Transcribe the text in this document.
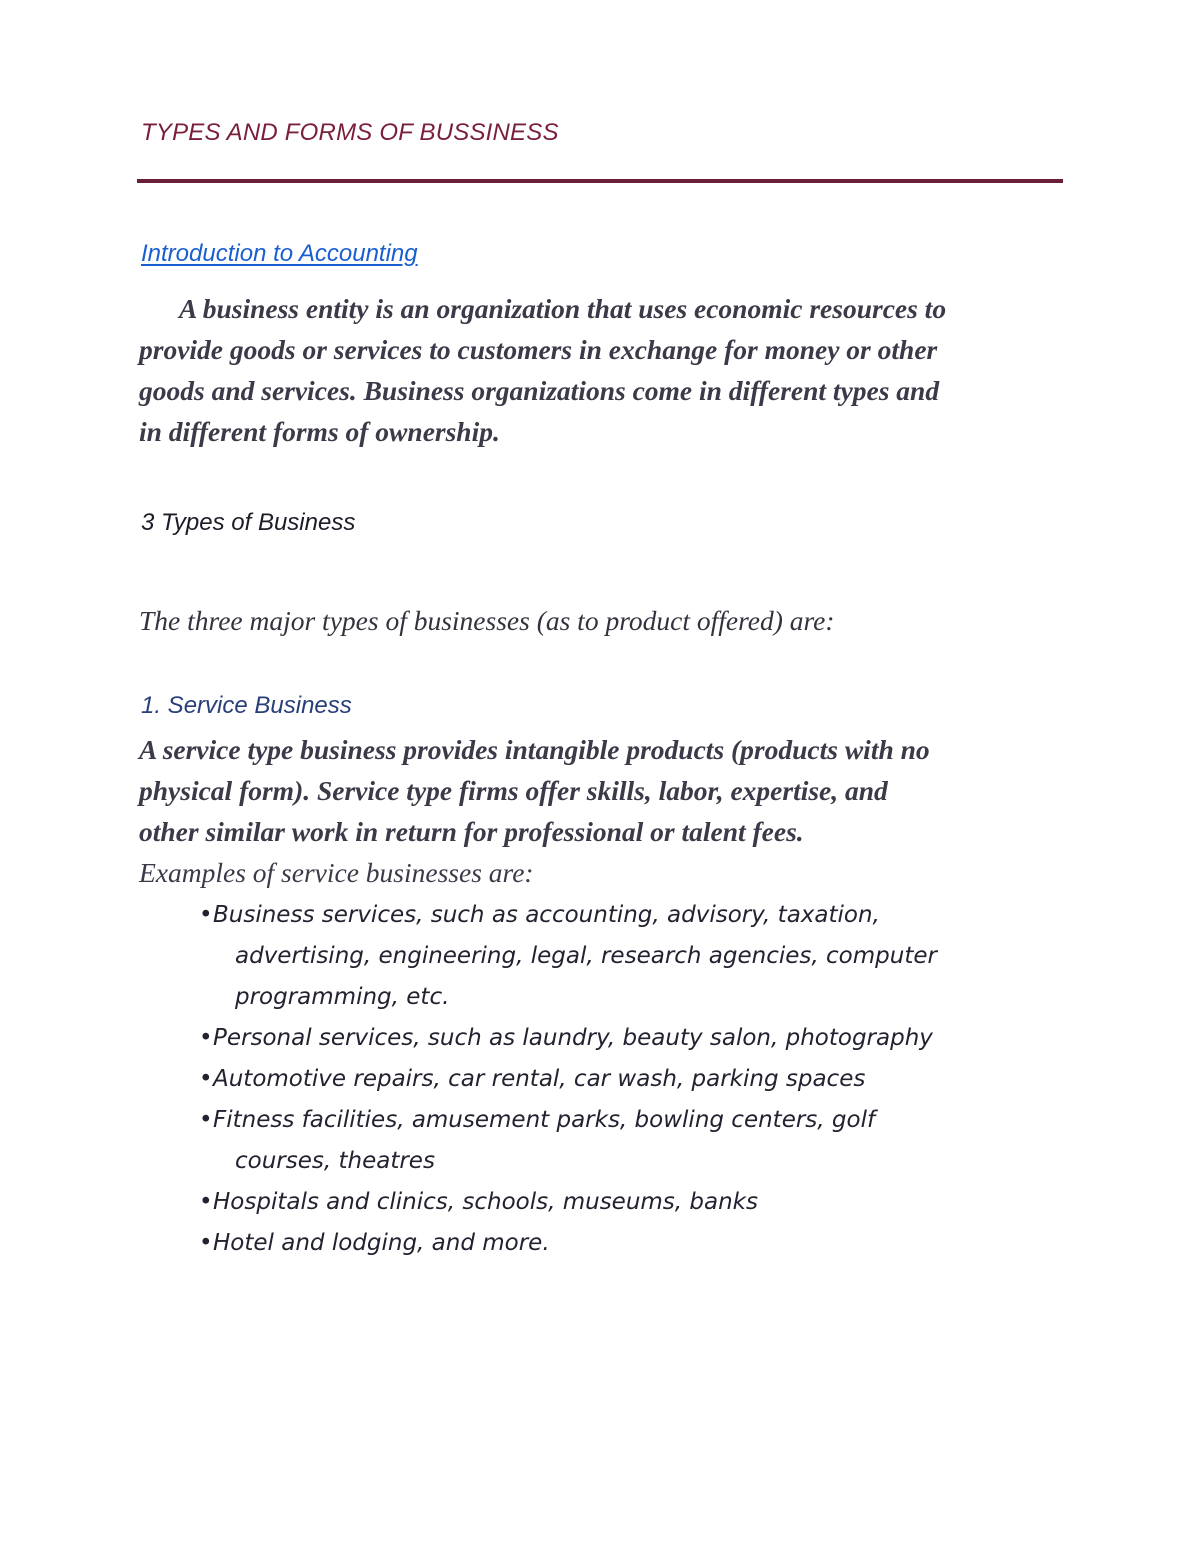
TYPES AND FORMS OF BUSSINESS
Introduction to Accounting
A business entity is an organization that uses economic resources to
provide goods or services to customers in exchange for money or other
goods and services. Business organizations come in different types and
in different forms of ownership.
3 Types of Business
The three major types of businesses (as to product offered) are:
1. Service Business
A service type business provides intangible products (products with no
physical form). Service type firms offer skills, labor, expertise, and
other similar work in return for professional or talent fees.
Examples of service businesses are:
• Business services, such as accounting, advisory, taxation,
advertising, engineering, legal, research agencies, computer
programming, etc.
• Personal services, such as laundry, beauty salon, photography
• Automotive repairs, car rental, car wash, parking spaces
• Fitness facilities, amusement parks, bowling centers, golf
courses, theatres
• Hospitals and clinics, schools, museums, banks
• Hotel and lodging, and more.
